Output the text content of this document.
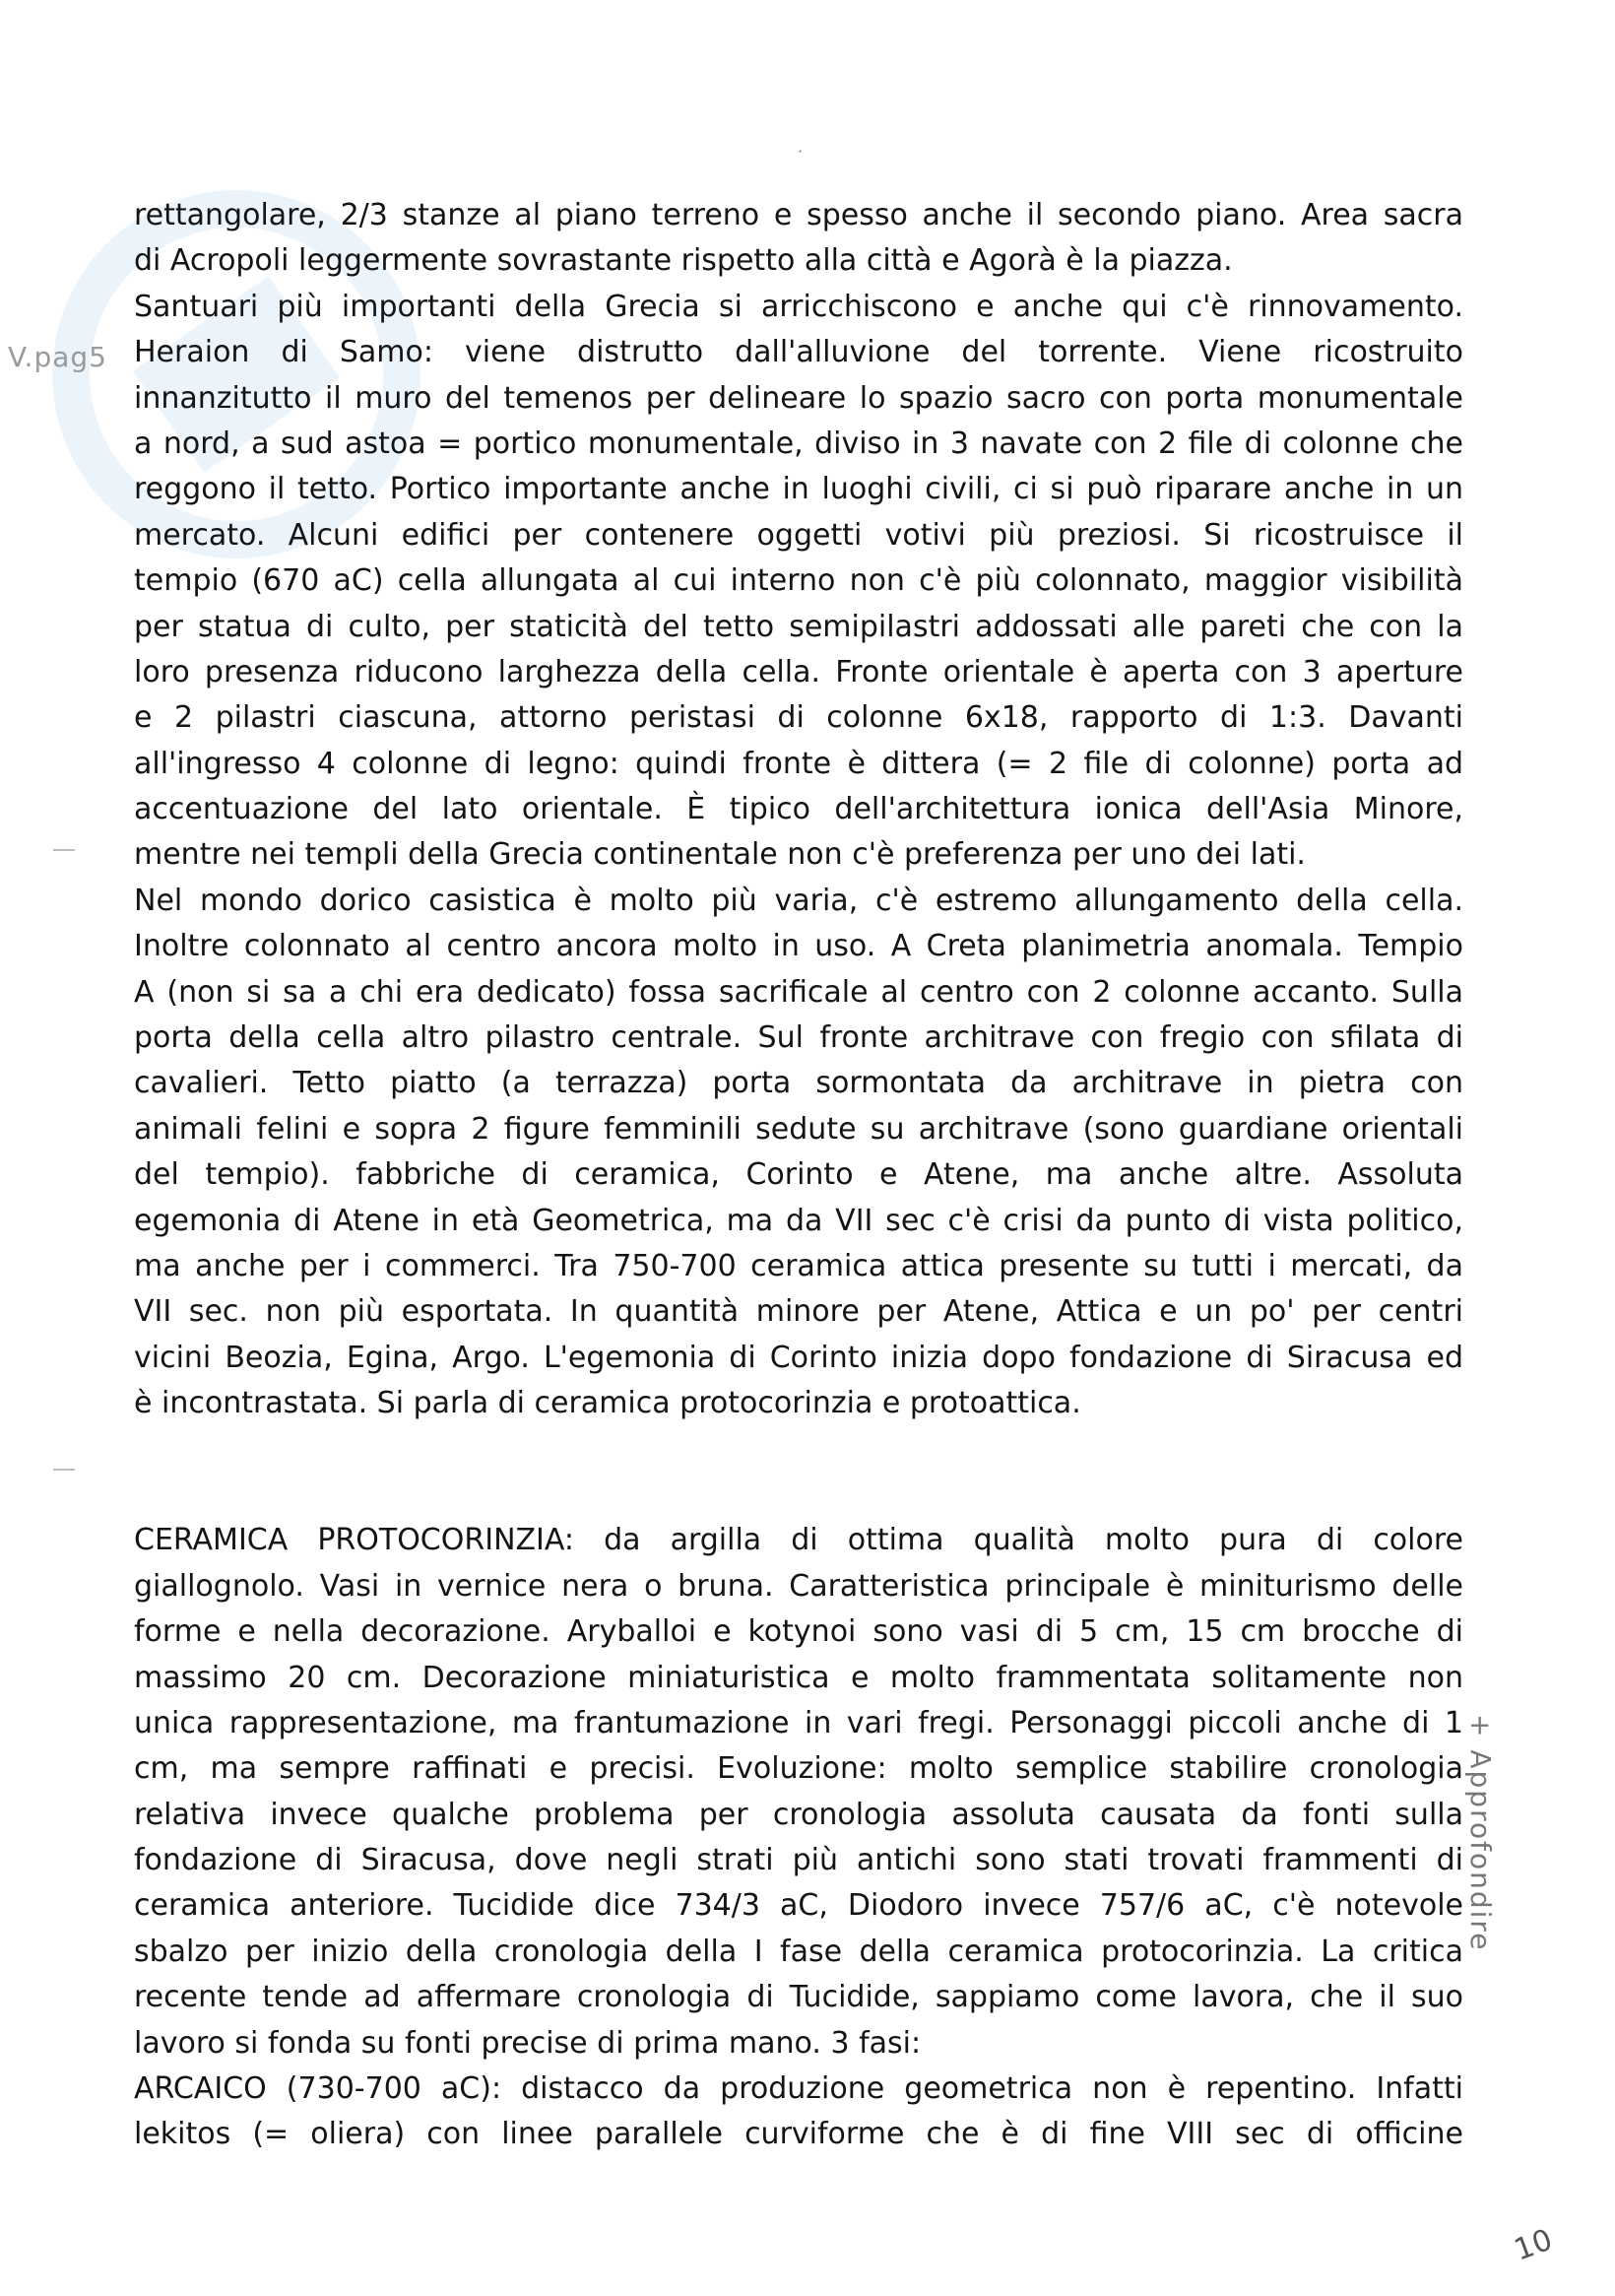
·
V.pag5
+ Approfondire
rettangolare, 2/3 stanze al piano terreno e spesso anche il secondo piano. Area sacra
di Acropoli leggermente sovrastante rispetto alla città e Agorà è la piazza.
Santuari più importanti della Grecia si arricchiscono e anche qui c'è rinnovamento.
Heraion di Samo: viene distrutto dall'alluvione del torrente. Viene ricostruito
innanzitutto il muro del temenos per delineare lo spazio sacro con porta monumentale
a nord, a sud astoa = portico monumentale, diviso in 3 navate con 2 file di colonne che
reggono il tetto. Portico importante anche in luoghi civili, ci si può riparare anche in un
mercato. Alcuni edifici per contenere oggetti votivi più preziosi. Si ricostruisce il
tempio (670 aC) cella allungata al cui interno non c'è più colonnato, maggior visibilità
per statua di culto, per staticità del tetto semipilastri addossati alle pareti che con la
loro presenza riducono larghezza della cella. Fronte orientale è aperta con 3 aperture
e 2 pilastri ciascuna, attorno peristasi di colonne 6x18, rapporto di 1:3. Davanti
all'ingresso 4 colonne di legno: quindi fronte è dittera (= 2 file di colonne) porta ad
accentuazione del lato orientale. È tipico dell'architettura ionica dell'Asia Minore,
mentre nei templi della Grecia continentale non c'è preferenza per uno dei lati.
Nel mondo dorico casistica è molto più varia, c'è estremo allungamento della cella.
Inoltre colonnato al centro ancora molto in uso. A Creta planimetria anomala. Tempio
A (non si sa a chi era dedicato) fossa sacrificale al centro con 2 colonne accanto. Sulla
porta della cella altro pilastro centrale. Sul fronte architrave con fregio con sfilata di
cavalieri. Tetto piatto (a terrazza) porta sormontata da architrave in pietra con
animali felini e sopra 2 figure femminili sedute su architrave (sono guardiane orientali
del tempio). fabbriche di ceramica, Corinto e Atene, ma anche altre. Assoluta
egemonia di Atene in età Geometrica, ma da VII sec c'è crisi da punto di vista politico,
ma anche per i commerci. Tra 750-700 ceramica attica presente su tutti i mercati, da
VII sec. non più esportata. In quantità minore per Atene, Attica e un po' per centri
vicini Beozia, Egina, Argo. L'egemonia di Corinto inizia dopo fondazione di Siracusa ed
è incontrastata. Si parla di ceramica protocorinzia e protoattica.
CERAMICA PROTOCORINZIA: da argilla di ottima qualità molto pura di colore
giallognolo. Vasi in vernice nera o bruna. Caratteristica principale è miniturismo delle
forme e nella decorazione. Aryballoi e kotynoi sono vasi di 5 cm, 15 cm brocche di
massimo 20 cm. Decorazione miniaturistica e molto frammentata solitamente non
unica rappresentazione, ma frantumazione in vari fregi. Personaggi piccoli anche di 1
cm, ma sempre raffinati e precisi. Evoluzione: molto semplice stabilire cronologia
relativa invece qualche problema per cronologia assoluta causata da fonti sulla
fondazione di Siracusa, dove negli strati più antichi sono stati trovati frammenti di
ceramica anteriore. Tucidide dice 734/3 aC, Diodoro invece 757/6 aC, c'è notevole
sbalzo per inizio della cronologia della I fase della ceramica protocorinzia. La critica
recente tende ad affermare cronologia di Tucidide, sappiamo come lavora, che il suo
lavoro si fonda su fonti precise di prima mano. 3 fasi:
ARCAICO (730-700 aC): distacco da produzione geometrica non è repentino. Infatti
lekitos (= oliera) con linee parallele curviforme che è di fine VIII sec di officine
10
